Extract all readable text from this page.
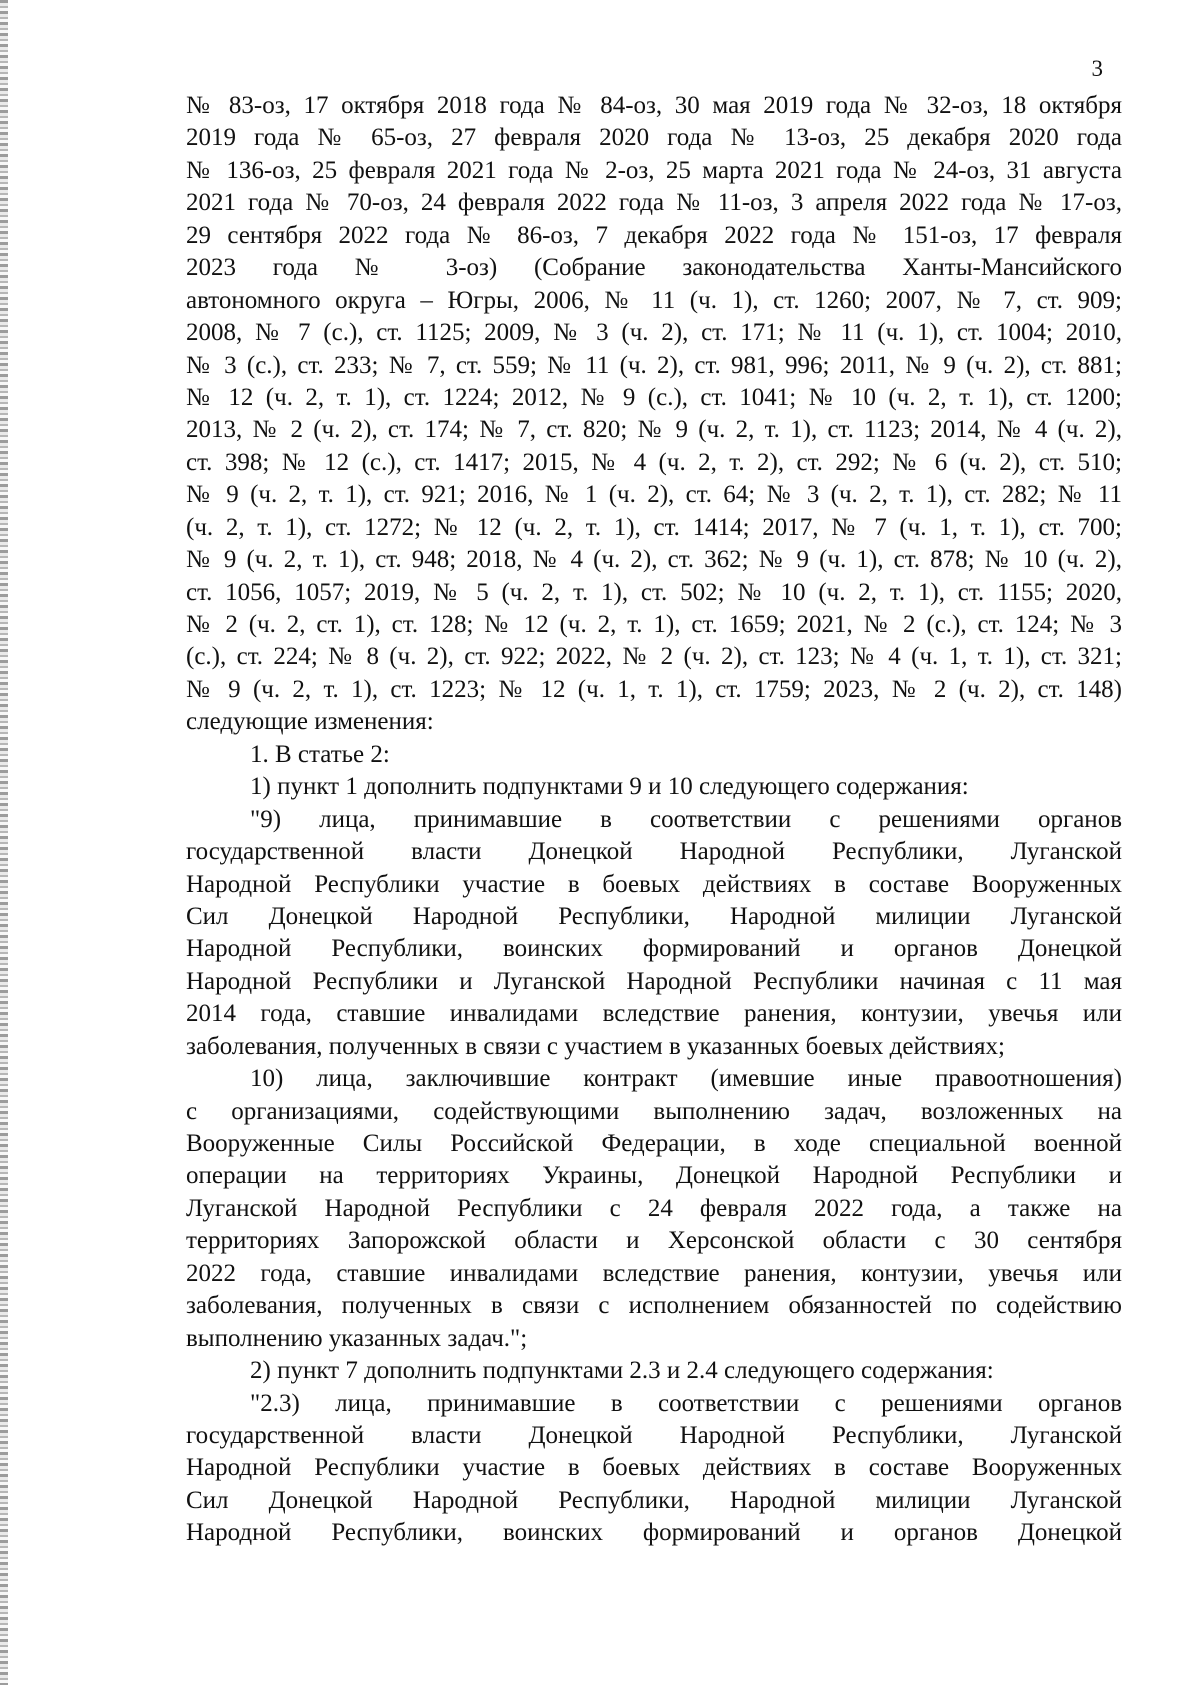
3
№ 83-оз, 17 октября 2018 года № 84-оз, 30 мая 2019 года № 32-оз, 18 октября
2019 года № 65-оз, 27 февраля 2020 года № 13-оз, 25 декабря 2020 года
№ 136-оз, 25 февраля 2021 года № 2-оз, 25 марта 2021 года № 24-оз, 31 августа
2021 года № 70-оз, 24 февраля 2022 года № 11-оз, 3 апреля 2022 года № 17-оз,
29 сентября 2022 года № 86-оз, 7 декабря 2022 года № 151-оз, 17 февраля
2023 года № 3-оз) (Собрание законодательства Ханты-Мансийского
автономного округа – Югры, 2006, № 11 (ч. 1), ст. 1260; 2007, № 7, ст. 909;
2008, № 7 (с.), ст. 1125; 2009, № 3 (ч. 2), ст. 171; № 11 (ч. 1), ст. 1004; 2010,
№ 3 (с.), ст. 233; № 7, ст. 559; № 11 (ч. 2), ст. 981, 996; 2011, № 9 (ч. 2), ст. 881;
№ 12 (ч. 2, т. 1), ст. 1224; 2012, № 9 (с.), ст. 1041; № 10 (ч. 2, т. 1), ст. 1200;
2013, № 2 (ч. 2), ст. 174; № 7, ст. 820; № 9 (ч. 2, т. 1), ст. 1123; 2014, № 4 (ч. 2),
ст. 398; № 12 (с.), ст. 1417; 2015, № 4 (ч. 2, т. 2), ст. 292; № 6 (ч. 2), ст. 510;
№ 9 (ч. 2, т. 1), ст. 921; 2016, № 1 (ч. 2), ст. 64; № 3 (ч. 2, т. 1), ст. 282; № 11
(ч. 2, т. 1), ст. 1272; № 12 (ч. 2, т. 1), ст. 1414; 2017, № 7 (ч. 1, т. 1), ст. 700;
№ 9 (ч. 2, т. 1), ст. 948; 2018, № 4 (ч. 2), ст. 362; № 9 (ч. 1), ст. 878; № 10 (ч. 2),
ст. 1056, 1057; 2019, № 5 (ч. 2, т. 1), ст. 502; № 10 (ч. 2, т. 1), ст. 1155; 2020,
№ 2 (ч. 2, ст. 1), ст. 128; № 12 (ч. 2, т. 1), ст. 1659; 2021, № 2 (с.), ст. 124; № 3
(с.), ст. 224; № 8 (ч. 2), ст. 922; 2022, № 2 (ч. 2), ст. 123; № 4 (ч. 1, т. 1), ст. 321;
№ 9 (ч. 2, т. 1), ст. 1223; № 12 (ч. 1, т. 1), ст. 1759; 2023, № 2 (ч. 2), ст. 148)
следующие изменения:
1. В статье 2:
1) пункт 1 дополнить подпунктами 9 и 10 следующего содержания:
"9) лица, принимавшие в соответствии с решениями органов
государственной власти Донецкой Народной Республики, Луганской
Народной Республики участие в боевых действиях в составе Вооруженных
Сил Донецкой Народной Республики, Народной милиции Луганской
Народной Республики, воинских формирований и органов Донецкой
Народной Республики и Луганской Народной Республики начиная с 11 мая
2014 года, ставшие инвалидами вследствие ранения, контузии, увечья или
заболевания, полученных в связи с участием в указанных боевых действиях;
10) лица, заключившие контракт (имевшие иные правоотношения)
с организациями, содействующими выполнению задач, возложенных на
Вооруженные Силы Российской Федерации, в ходе специальной военной
операции на территориях Украины, Донецкой Народной Республики и
Луганской Народной Республики с 24 февраля 2022 года, а также на
территориях Запорожской области и Херсонской области с 30 сентября
2022 года, ставшие инвалидами вследствие ранения, контузии, увечья или
заболевания, полученных в связи с исполнением обязанностей по содействию
выполнению указанных задач.";
2) пункт 7 дополнить подпунктами 2.3 и 2.4 следующего содержания:
"2.3) лица, принимавшие в соответствии с решениями органов
государственной власти Донецкой Народной Республики, Луганской
Народной Республики участие в боевых действиях в составе Вооруженных
Сил Донецкой Народной Республики, Народной милиции Луганской
Народной Республики, воинских формирований и органов Донецкой
